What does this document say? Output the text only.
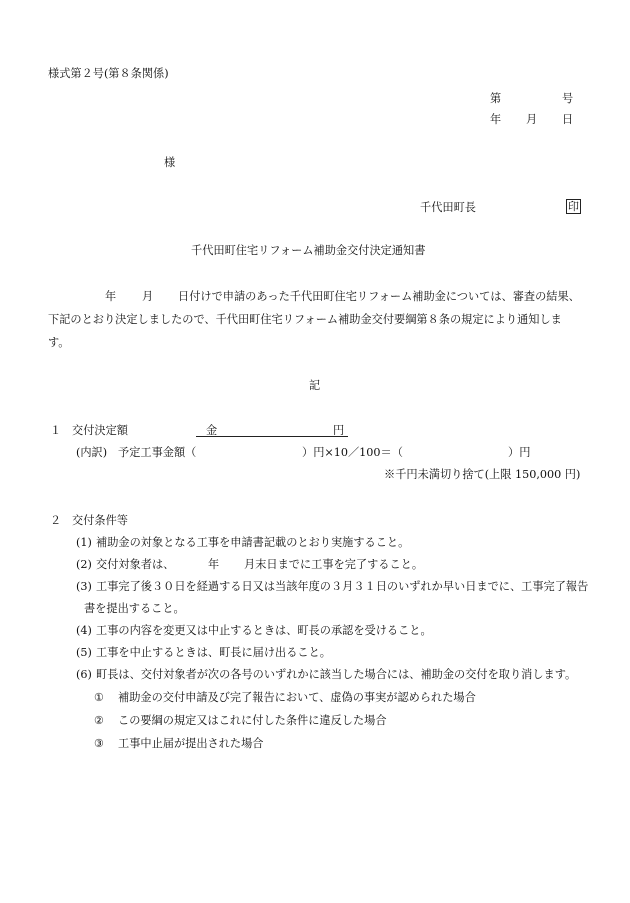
様式第２号(第８条関係)
第	号
年 月 日
様
千代田町長	印
千代田町住宅リフォーム補助金交付決定通知書
年 月 日付けで申請のあった千代田町住宅リフォーム補助金については、審査の結果、
下記のとおり決定しましたので、千代田町住宅リフォーム補助金交付要綱第８条の規定により通知しま
す。
記
１ 交付決定額	金	円
(内訳) 予定工事金額（	）円×10／100＝（	）円
※千円未満切り捨て(上限 150,000 円)
２ 交付条件等
(1) 補助金の対象となる工事を申請書記載のとおり実施すること。
(2) 交付対象者は、	年 月末日までに工事を完了すること。
(3) 工事完了後３０日を経過する日又は当該年度の３月３１日のいずれか早い日までに、工事完了報告
書を提出すること。
(4) 工事の内容を変更又は中止するときは、町長の承認を受けること。
(5) 工事を中止するときは、町長に届け出ること。
(6) 町長は、交付対象者が次の各号のいずれかに該当した場合には、補助金の交付を取り消します。
① 補助金の交付申請及び完了報告において、虚偽の事実が認められた場合
② この要綱の規定又はこれに付した条件に違反した場合
③ 工事中止届が提出された場合
